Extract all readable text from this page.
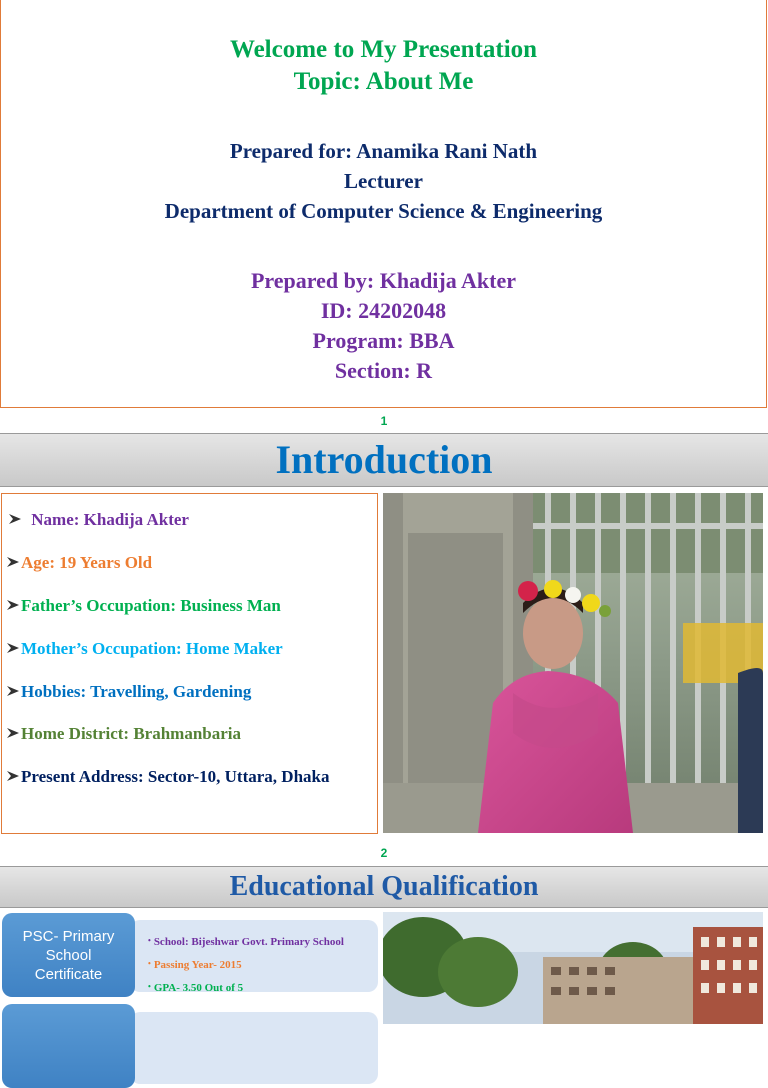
Welcome to My Presentation
Topic: About Me
Prepared for: Anamika Rani Nath
Lecturer
Department of Computer Science & Engineering
Prepared by: Khadija Akter
ID: 24202048
Program: BBA
Section: R
1
Introduction
Name: Khadija Akter
Age: 19 Years Old
Father’s Occupation: Business Man
Mother’s Occupation: Home Maker
Hobbies: Travelling, Gardening
Home District: Brahmanbaria
Present Address: Sector-10, Uttara, Dhaka
2
Educational Qualification
• School: Bijeshwar Govt. Primary School
• Passing Year- 2015
• GPA- 3.50 Out of 5
PSC- Primary
School
Certificate
